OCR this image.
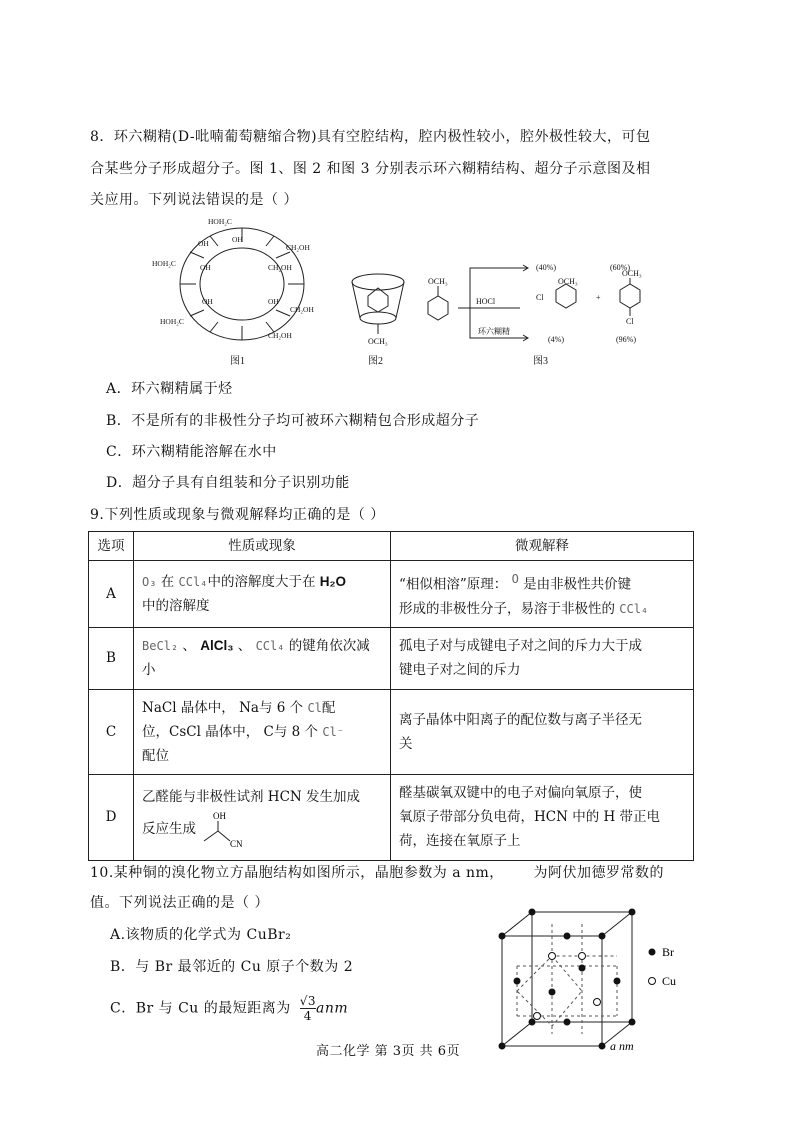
8．环六糊精(D-吡喃葡萄糖缩合物)具有空腔结构，腔内极性较小，腔外极性较大，可包
合某些分子形成超分子。图 1、图 2 和图 3 分别表示环六糊精结构、超分子示意图及相
关应用。下列说法错误的是（ ）
HOH₂C
OH
OH	CH₂OH
HOH₂C	OH
CH₂OH
OH	OH
HOH₂C
CH₂OH
CH₂OH
图1
OCH₃
图2
OCH₃
HOCl
环六糊精
(40%)	(60%)
OCH₃
OCH₃
Cl
Cl
+
(4%)	(96%)
图3
A．环六糊精属于烃
B．不是所有的非极性分子均可被环六糊精包合形成超分子
C．环六糊精能溶解在水中
D．超分子具有自组装和分子识别功能
9.下列性质或现象与微观解释均正确的是（ ）
选项	性质或现象	微观解释
A	O₃ 在 CCl₄中的溶解度大于在 H₂O
中的溶解度	“相似相溶”原理： $^O$ 是由非极性共价键
形成的非极性分子，易溶于非极性的 CCl₄
B	BeCl₂ 、 AlCl₃ 、 CCl₄ 的键角依次减
小	孤电子对与成键电子对之间的斥力大于成
键电子对之间的斥力
C	NaCl 晶体中， Na与 6 个 Cl配
位，CsCl 晶体中， C与 8 个 Cl⁻
配位	离子晶体中阳离子的配位数与离子半径无
关
D	乙醛能与非极性试剂 HCN 发生加成
反应生成
OH
CN	醛基碳氧双键中的电子对偏向氧原子，使
氧原子带部分负电荷，HCN 中的 H 带正电
荷，连接在氧原子上
10.某种铜的溴化物立方晶胞结构如图所示，晶胞参数为 a nm， 为阿伏加德罗常数的
值。下列说法正确的是（ ）
A.该物质的化学式为 CuBr₂
B．与 Br 最邻近的 Cu 原子个数为 2
C．Br 与 Cu 的最短距离为 $\frac{√3}{4}$ anm
Br
Cu
a nm
高二化学 第 3页 共 6页
